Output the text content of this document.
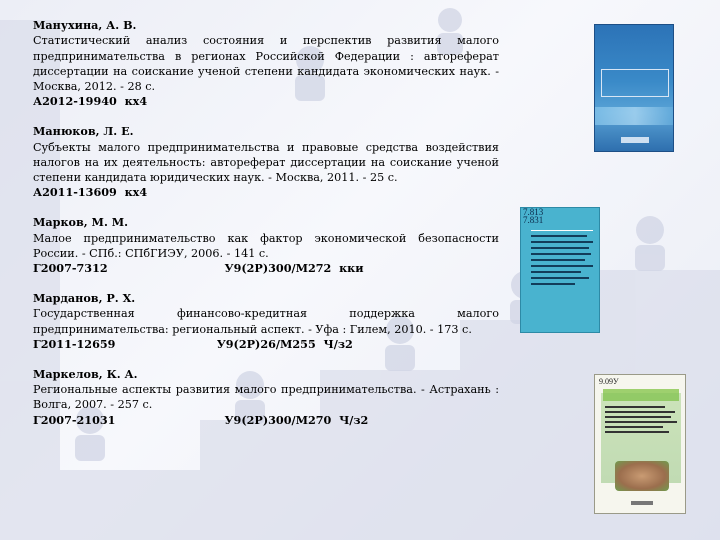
Манухина, А. В.
Статистический анализ состояния и перспектив развития малого предпринимательства в регионах Российской Федерации : автореферат диссертации на соискание ученой степени кандидата экономических наук. - Москва, 2012. - 28 с.
А2012-19940  кх4
Манюков, Л. Е.
Субъекты малого предпринимательства и правовые средства воздействия налогов на их деятельность: автореферат диссертации на соискание ученой степени кандидата юридических наук. - Москва, 2011. - 25 с.
А2011-13609  кх4
Марков, М. М.
Малое предпринимательство как фактор экономической безопасности России. - СПб.: СПбГИЭУ, 2006. - 141 с.
Г2007-7312                              У9(2Р)300/М272  кки
Марданов, Р. Х.
Государственная финансово-кредитная поддержка малого предпринимательства: региональный аспект. - Уфа : Гилем, 2010. - 173 с.
Г2011-12659                          У9(2Р)26/М255  Ч/з2
Маркелов, К. А.
Региональные аспекты развития малого предпринимательства. - Астрахань : Волга, 2007. - 257 с.
Г2007-21031                            У9(2Р)300/М270  Ч/з2
7.813
7.831
9.09У
